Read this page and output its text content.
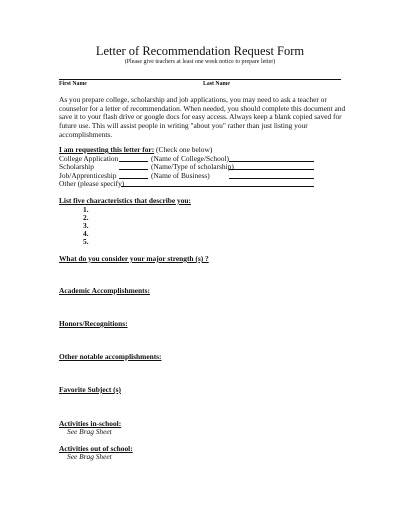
Letter of Recommendation Request Form
(Please give teachers at least one week notice to prepare letter)
First Name	Last Name
As you prepare college, scholarship and job applications, you may need to ask a teacher or counselor for a letter of recommendation. When needed, you should complete this document and save it to your flash drive or google docs for easy access. Always keep a blank copied saved for future use. This will assist people in writing "about you" rather than just listing your accomplishments.
I am requesting this letter for: (Check one below)
College Application	(Name of College/School)
Scholarship	(Name/Type of scholarship)
Job/Apprenticeship	(Name of Business)
Other (please specify)
List five characteristics that describe you:
1.
2.
3.
4.
5.
What do you consider your major strength (s) ?
Academic Accomplishments:
Honors/Recognitions:
Other notable accomplishments:
Favorite Subject (s)
Activities in-school:
See Brag Sheet
Activities out of school:
See Brag Sheet
